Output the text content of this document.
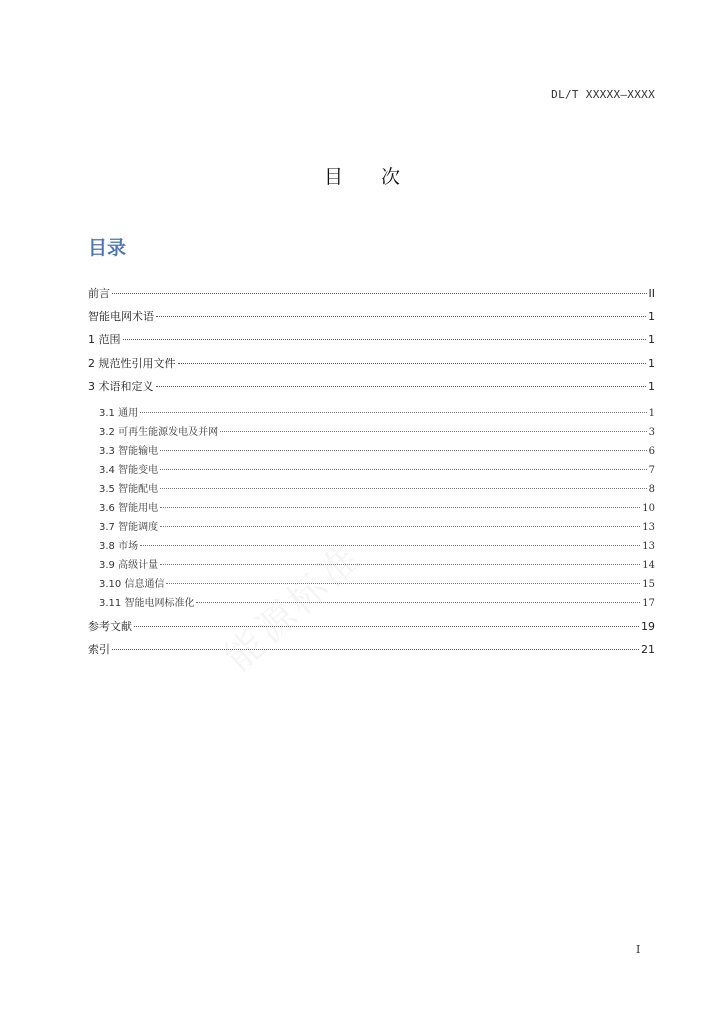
DL/T XXXXX—XXXX
目　　次
目录
前言	II
智能电网术语	1
1 范围	1
2 规范性引用文件	1
3 术语和定义	1
3.1 通用	1
3.2 可再生能源发电及并网	3
3.3 智能输电	6
3.4 智能变电	7
3.5 智能配电	8
3.6 智能用电	10
3.7 智能调度	13
3.8 市场	13
3.9 高级计量	14
3.10 信息通信	15
3.11 智能电网标准化	17
参考文献	19
索引	21
能源标准
I
